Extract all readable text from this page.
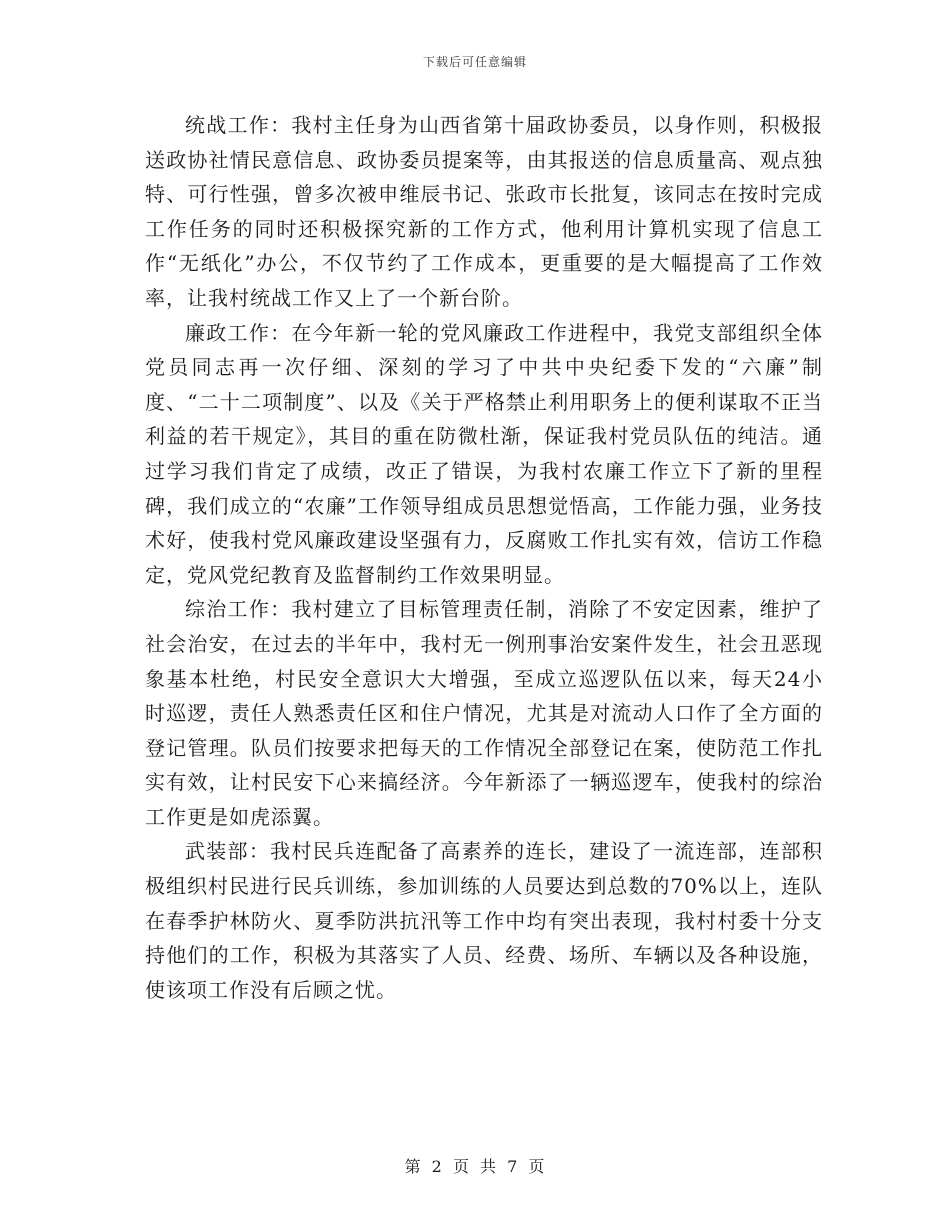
下载后可任意编辑

统战工作：我村主任身为山西省第十届政协委员，以身作则，积极报送政协社情民意信息、政协委员提案等，由其报送的信息质量高、观点独特、可行性强，曾多次被申维辰书记、张政市长批复，该同志在按时完成工作任务的同时还积极探究新的工作方式，他利用计算机实现了信息工作“无纸化”办公，不仅节约了工作成本，更重要的是大幅提高了工作效率，让我村统战工作又上了一个新台阶。

廉政工作：在今年新一轮的党风廉政工作进程中，我党支部组织全体党员同志再一次仔细、深刻的学习了中共中央纪委下发的“六廉”制度、“二十二项制度”、以及《关于严格禁止利用职务上的便利谋取不正当利益的若干规定》，其目的重在防微杜渐，保证我村党员队伍的纯洁。通过学习我们肯定了成绩，改正了错误，为我村农廉工作立下了新的里程碑，我们成立的“农廉”工作领导组成员思想觉悟高，工作能力强，业务技术好，使我村党风廉政建设坚强有力，反腐败工作扎实有效，信访工作稳定，党风党纪教育及监督制约工作效果明显。

综治工作：我村建立了目标管理责任制，消除了不安定因素，维护了社会治安，在过去的半年中，我村无一例刑事治安案件发生，社会丑恶现象基本杜绝，村民安全意识大大增强，至成立巡逻队伍以来，每天24小时巡逻，责任人熟悉责任区和住户情况，尤其是对流动人口作了全方面的登记管理。队员们按要求把每天的工作情况全部登记在案，使防范工作扎实有效，让村民安下心来搞经济。今年新添了一辆巡逻车，使我村的综治工作更是如虎添翼。

武装部：我村民兵连配备了高素养的连长，建设了一流连部，连部积极组织村民进行民兵训练，参加训练的人员要达到总数的70%以上，连队在春季护林防火、夏季防洪抗汛等工作中均有突出表现，我村村委十分支持他们的工作，积极为其落实了人员、经费、场所、车辆以及各种设施，使该项工作没有后顾之忧。

第 2 页 共 7 页
